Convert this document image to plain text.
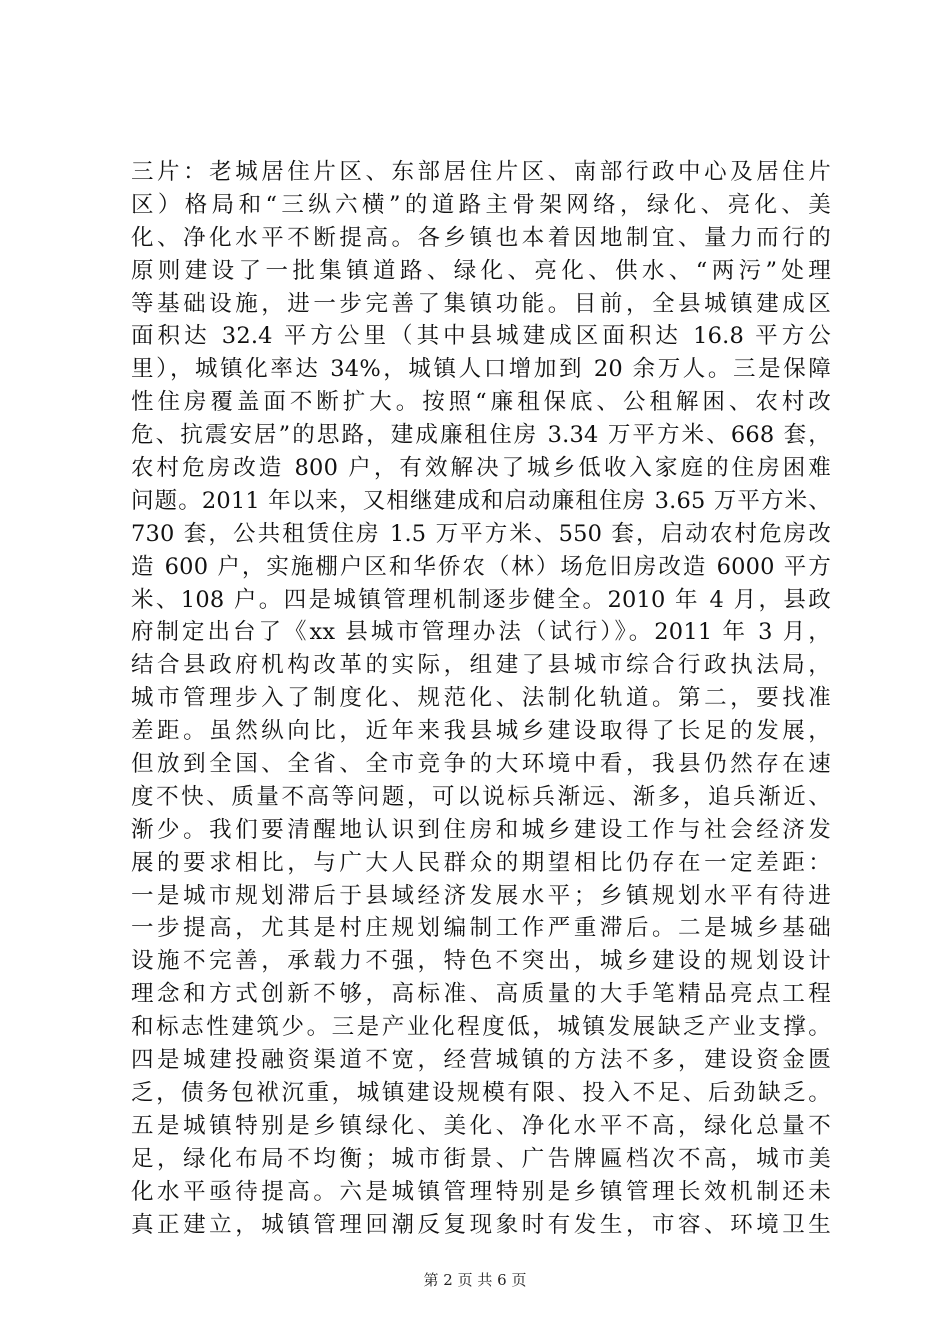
三片：老城居住片区、东部居住片区、南部行政中心及居住片
区）格局和“三纵六横”的道路主骨架网络，绿化、亮化、美
化、净化水平不断提高。各乡镇也本着因地制宜、量力而行的
原则建设了一批集镇道路、绿化、亮化、供水、“两污”处理
等基础设施，进一步完善了集镇功能。目前，全县城镇建成区
面积达 32.4 平方公里（其中县城建成区面积达 16.8 平方公
里），城镇化率达 34%，城镇人口增加到 20 余万人。三是保障
性住房覆盖面不断扩大。按照“廉租保底、公租解困、农村改
危、抗震安居”的思路，建成廉租住房 3.34 万平方米、668 套，
农村危房改造 800 户，有效解决了城乡低收入家庭的住房困难
问题。2011 年以来，又相继建成和启动廉租住房 3.65 万平方米、
730 套，公共租赁住房 1.5 万平方米、550 套，启动农村危房改
造 600 户，实施棚户区和华侨农（林）场危旧房改造 6000 平方
米、108 户。四是城镇管理机制逐步健全。2010 年 4 月，县政
府制定出台了《xx 县城市管理办法（试行）》。2011 年 3 月，
结合县政府机构改革的实际，组建了县城市综合行政执法局，
城市管理步入了制度化、规范化、法制化轨道。第二，要找准
差距。虽然纵向比，近年来我县城乡建设取得了长足的发展，
但放到全国、全省、全市竞争的大环境中看，我县仍然存在速
度不快、质量不高等问题，可以说标兵渐远、渐多，追兵渐近、
渐少。我们要清醒地认识到住房和城乡建设工作与社会经济发
展的要求相比，与广大人民群众的期望相比仍存在一定差距：
一是城市规划滞后于县域经济发展水平；乡镇规划水平有待进
一步提高，尤其是村庄规划编制工作严重滞后。二是城乡基础
设施不完善，承载力不强，特色不突出，城乡建设的规划设计
理念和方式创新不够，高标准、高质量的大手笔精品亮点工程
和标志性建筑少。三是产业化程度低，城镇发展缺乏产业支撑。
四是城建投融资渠道不宽，经营城镇的方法不多，建设资金匮
乏，债务包袱沉重，城镇建设规模有限、投入不足、后劲缺乏。
五是城镇特别是乡镇绿化、美化、净化水平不高，绿化总量不
足，绿化布局不均衡；城市街景、广告牌匾档次不高，城市美
化水平亟待提高。六是城镇管理特别是乡镇管理长效机制还未
真正建立，城镇管理回潮反复现象时有发生，市容、环境卫生
第 2 页 共 6 页
